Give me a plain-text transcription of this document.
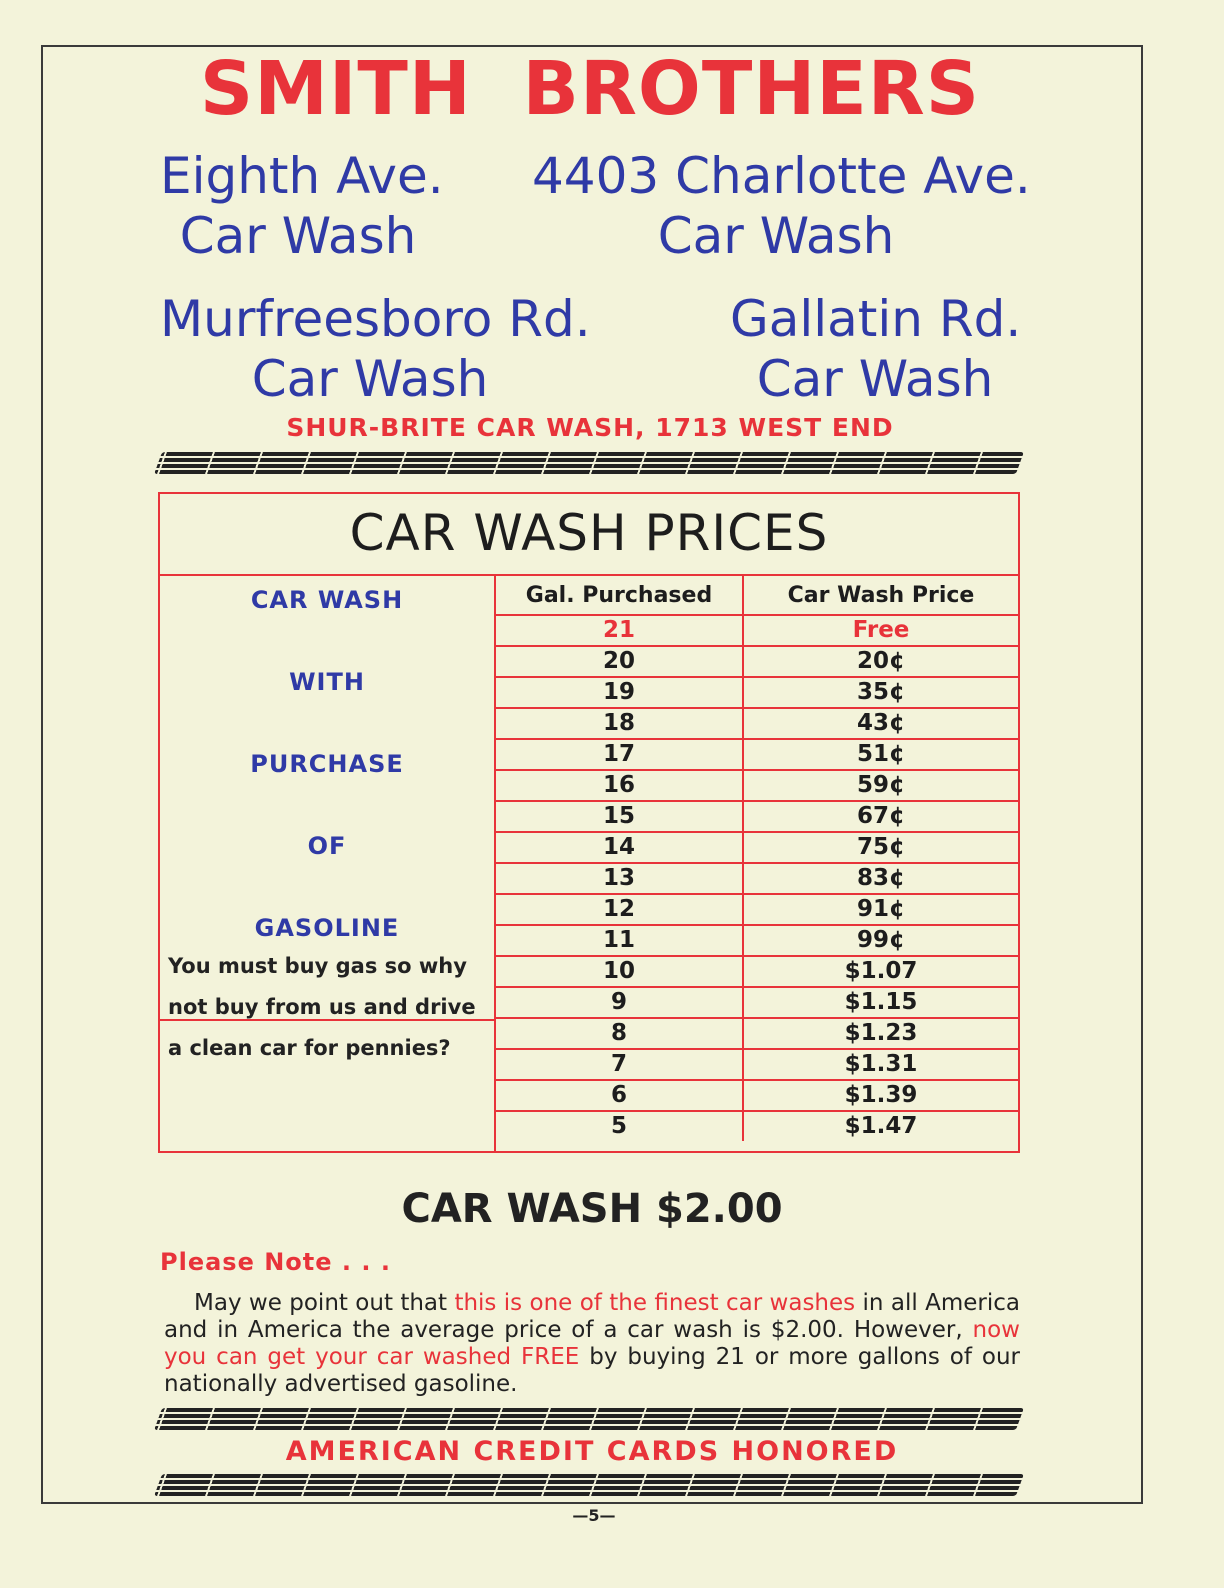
SMITH BROTHERS
Eighth Ave.
Car Wash
4403 Charlotte Ave.
Car Wash
Murfreesboro Rd.
Car Wash
Gallatin Rd.
Car Wash
SHUR-BRITE CAR WASH, 1713 WEST END
CAR WASH PRICES
CAR WASH
WITH
PURCHASE
OF
GASOLINE
You must buy gas so why
not buy from us and drive
a clean car for pennies?
Gal. Purchased	Car Wash Price
21	Free
20	20¢
19	35¢
18	43¢
17	51¢
16	59¢
15	67¢
14	75¢
13	83¢
12	91¢
11	99¢
10	$1.07
9	$1.15
8	$1.23
7	$1.31
6	$1.39
5	$1.47
CAR WASH $2.00
Please Note . . .
May we point out that this is one of the finest car washes in all America and in America the average price of a car wash is $2.00. However, now you can get your car washed FREE by buying 21 or more gallons of our nationally advertised gasoline.
AMERICAN CREDIT CARDS HONORED
—5—
